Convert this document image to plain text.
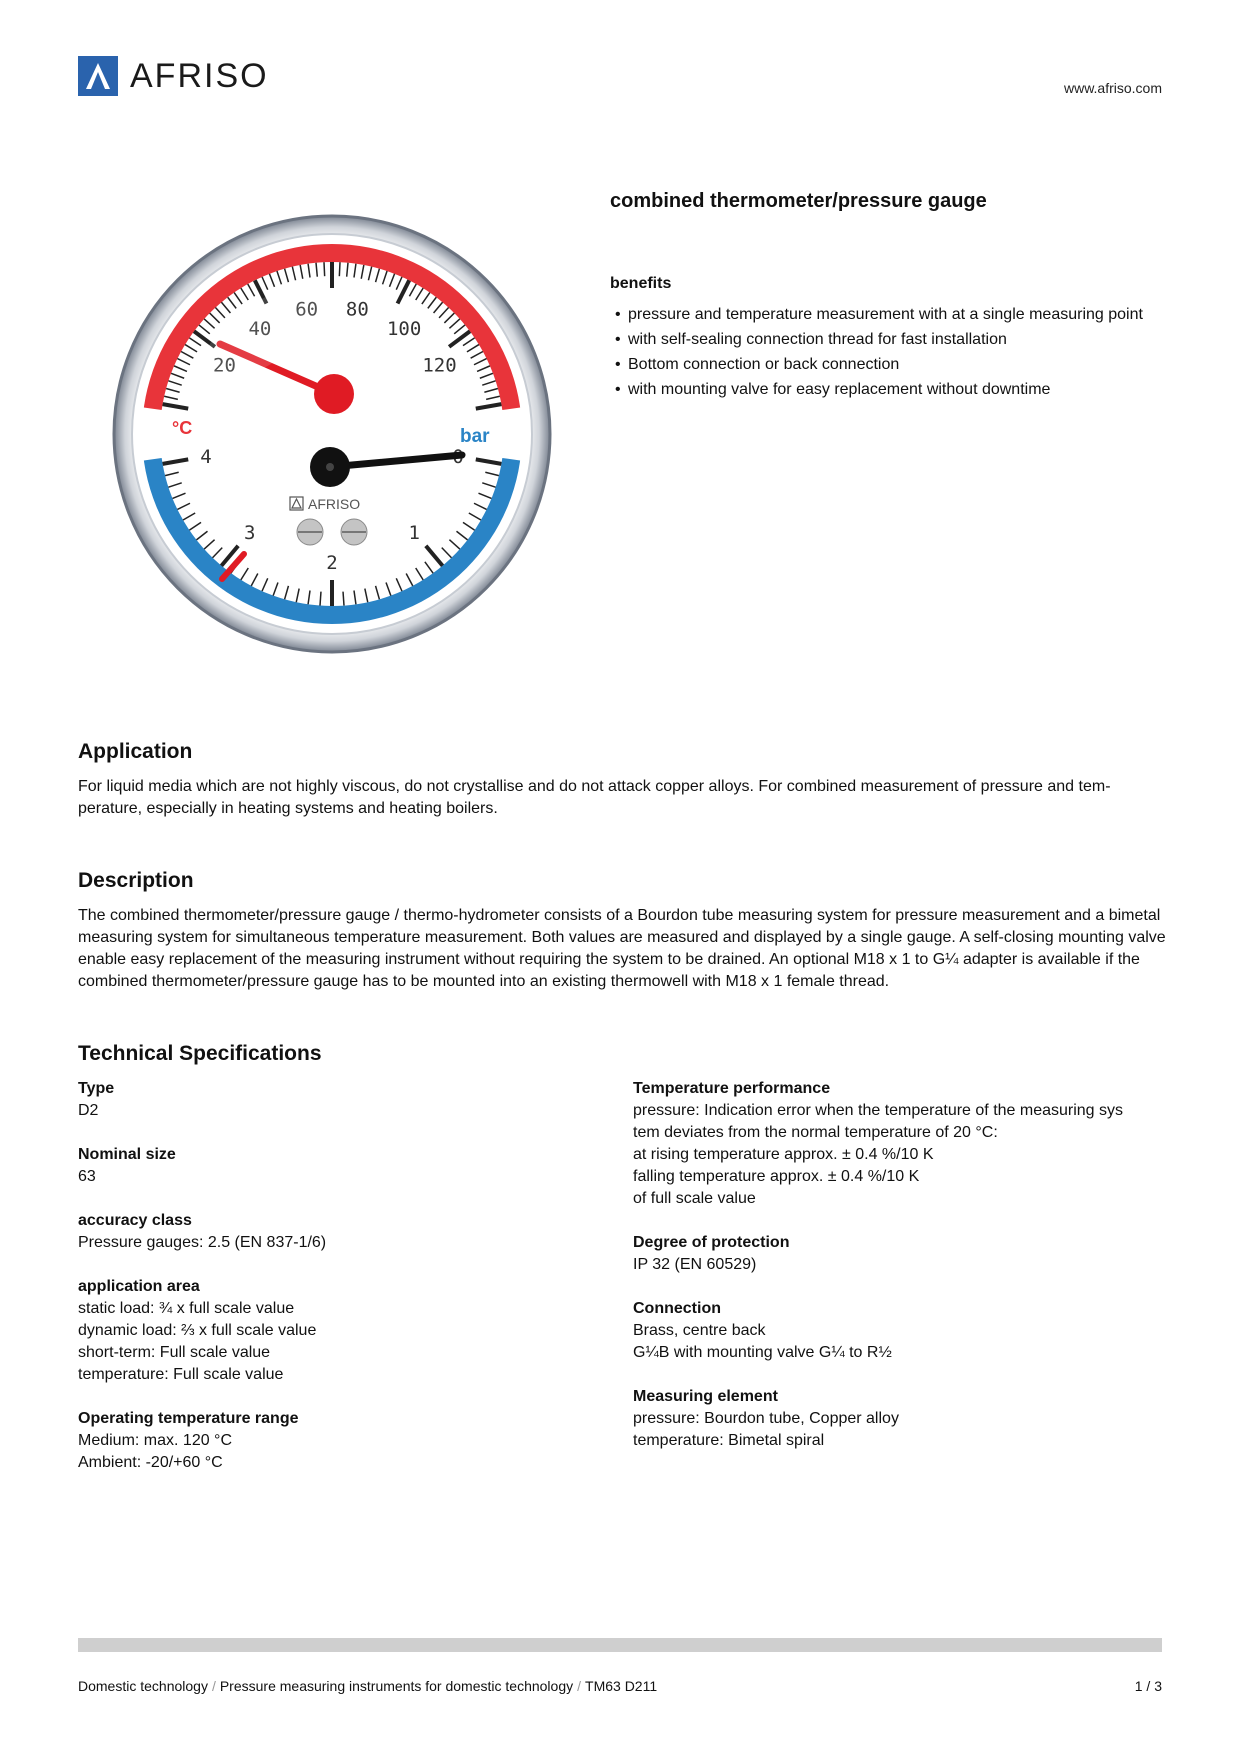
AFRISO	www.afriso.com
20
40
60 80
100
120
4
3
2
1
°C	bar
AFRISO
combined thermometer/pressure gauge
benefits
• pressure and temperature measurement with at a single measuring point
• with self-sealing connection thread for fast installation
• Bottom connection or back connection
• with mounting valve for easy replacement without downtime
Application
For liquid media which are not highly viscous, do not crystallise and do not attack copper alloys. For combined measurement of pressure and temperature, especially in heating systems and heating boilers.
Description
The combined thermometer/pressure gauge / thermo-hydrometer consists of a Bourdon tube measuring system for pressure measurement and a bimetal measuring system for simultaneous temperature measurement. Both values are measured and displayed by a single gauge. A self-closing mounting valve enable easy replacement of the measuring instrument without requiring the system to be drained. An optional M18 x 1 to G¼ adapter is available if the combined thermometer/pressure gauge has to be mounted into an existing thermowell with M18 x 1 female thread.
Technical Specifications
Type
D2
Nominal size
63
accuracy class
Pressure gauges: 2.5 (EN 837-1/6)
application area
static load: ¾ x full scale value
dynamic load: ⅔ x full scale value
short-term: Full scale value
temperature: Full scale value
Operating temperature range
Medium: max. 120 °C
Ambient: -20/+60 °C
Temperature performance
pressure: Indication error when the temperature of the measuring sys
tem deviates from the normal temperature of 20 °C:
at rising temperature approx. ± 0.4 %/10 K
falling temperature approx. ± 0.4 %/10 K
of full scale value
Degree of protection
IP 32 (EN 60529)
Connection
Brass, centre back
G¼B with mounting valve G¼ to R½
Measuring element
pressure: Bourdon tube, Copper alloy
temperature: Bimetal spiral
Domestic technology / Pressure measuring instruments for domestic technology / TM63 D211	1 / 3
